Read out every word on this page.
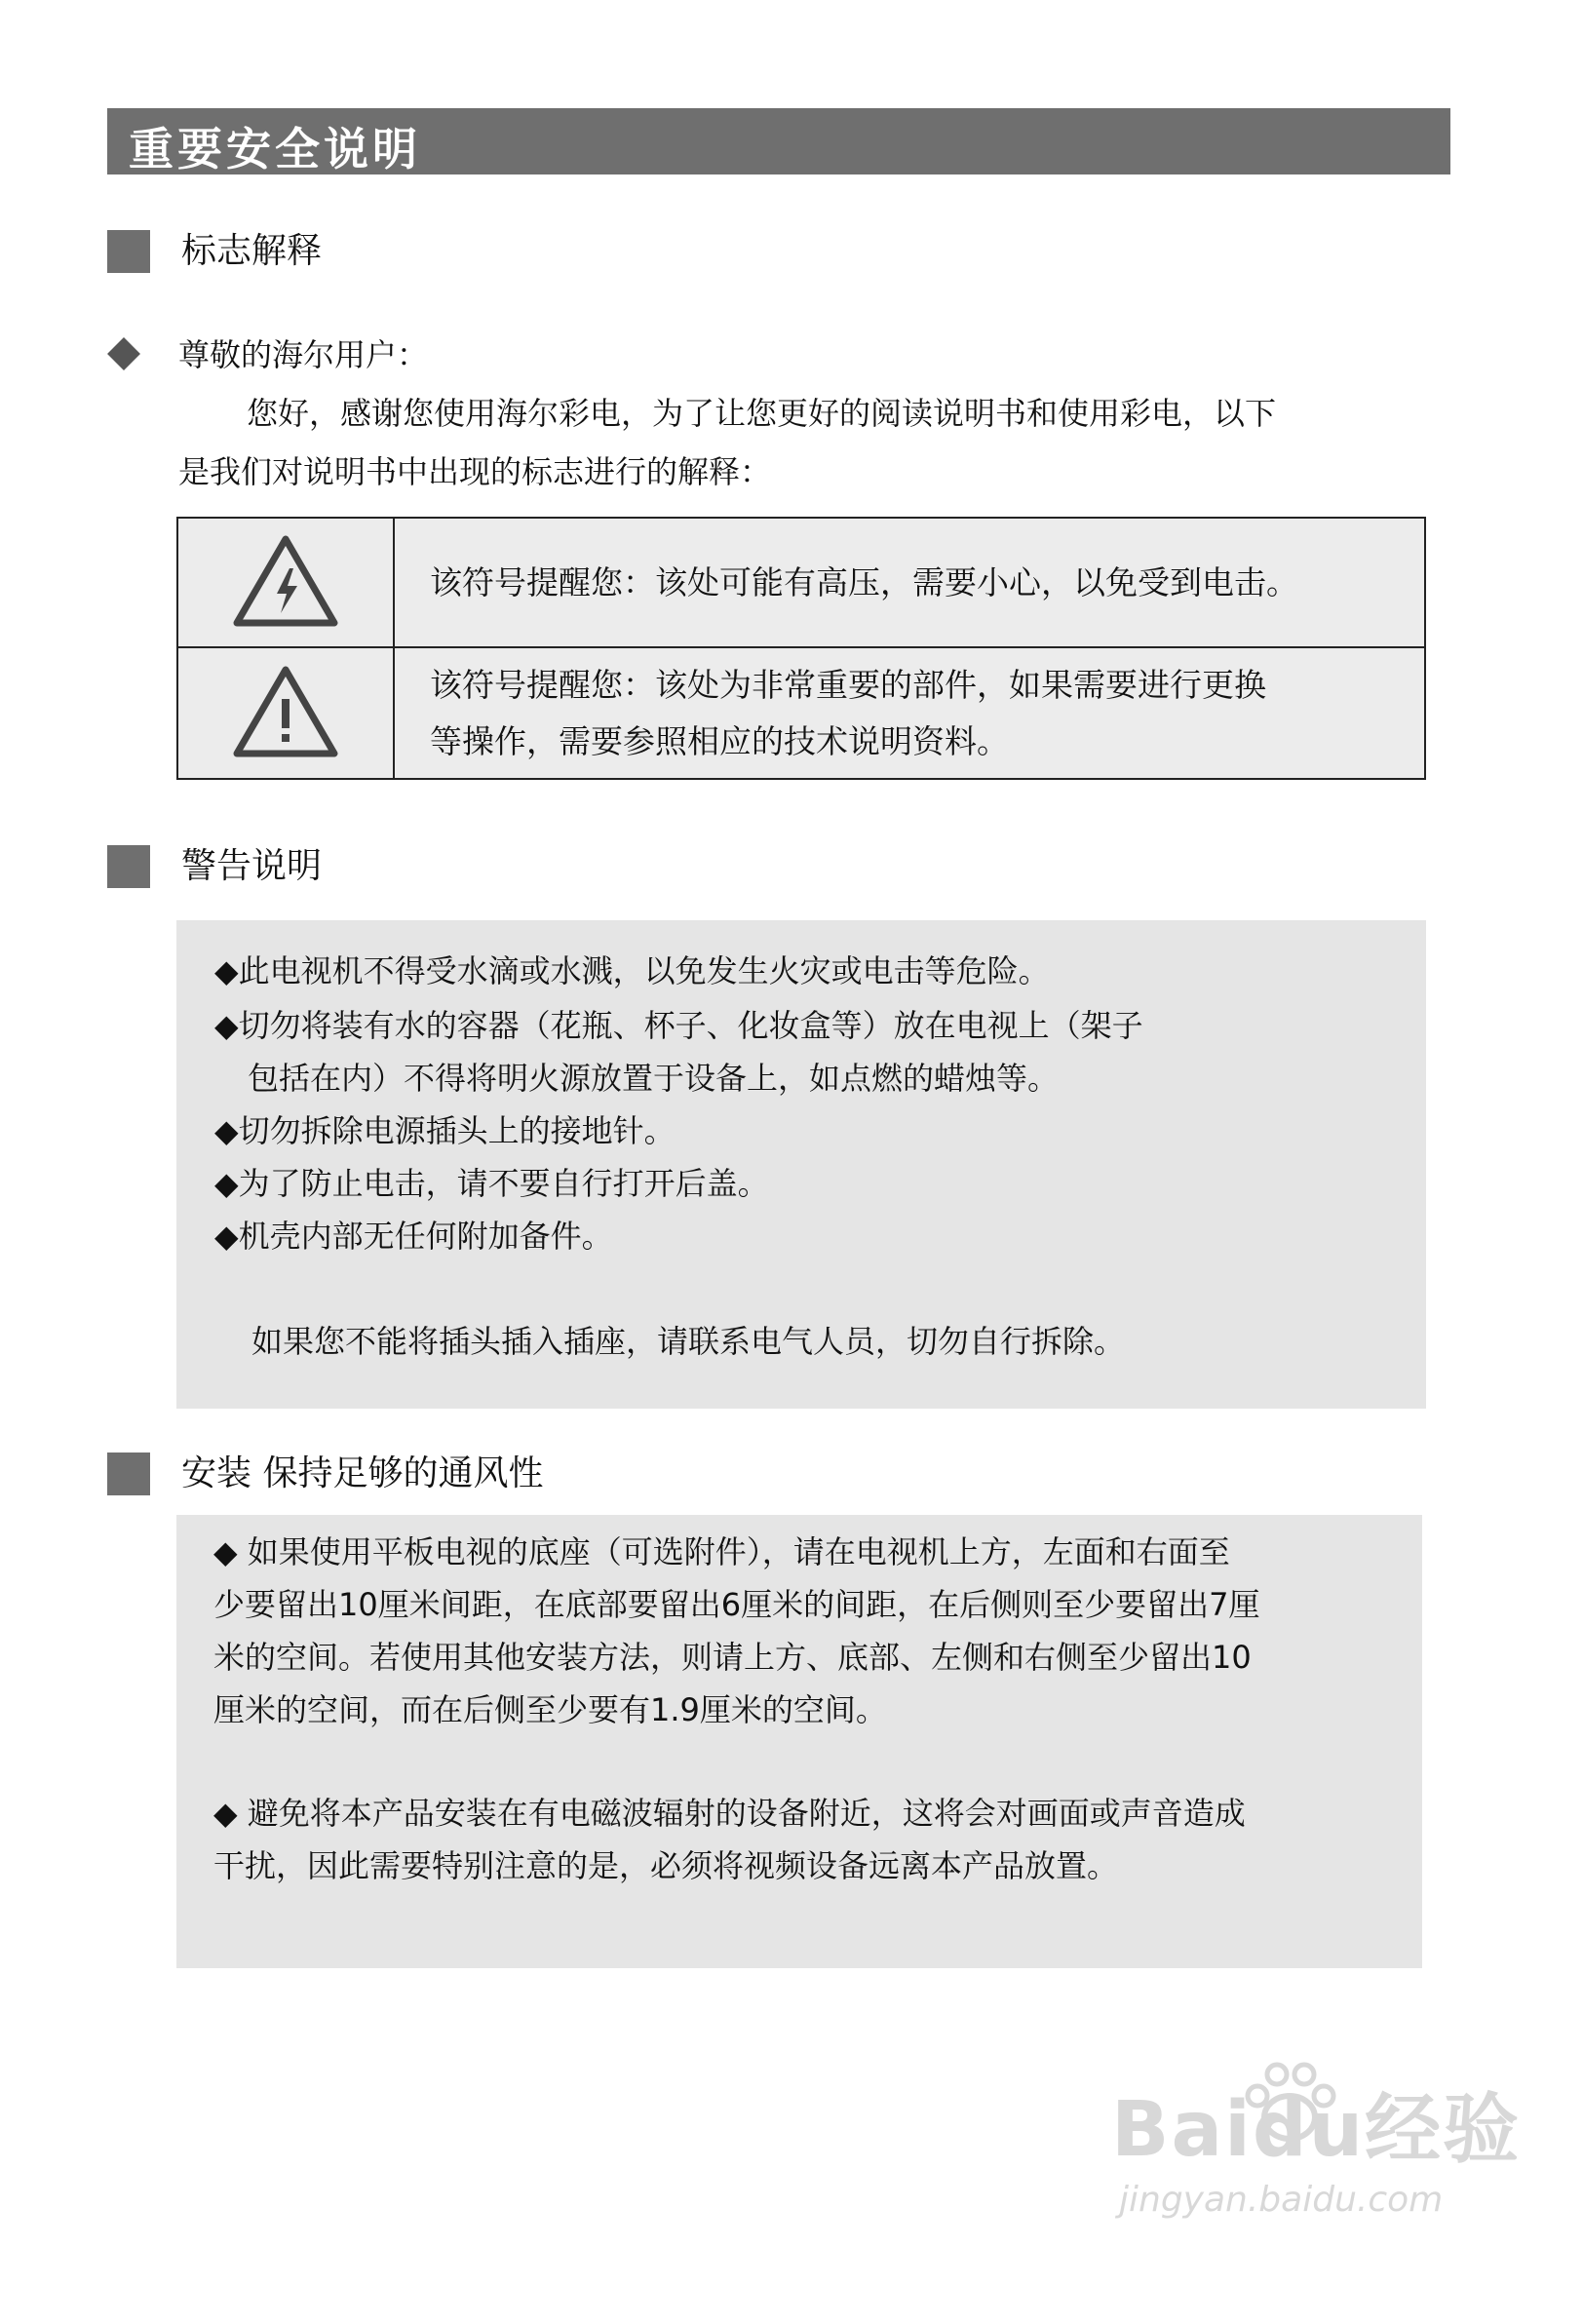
重要安全说明
标志解释
尊敬的海尔用户：
您好，感谢您使用海尔彩电，为了让您更好的阅读说明书和使用彩电，以下
是我们对说明书中出现的标志进行的解释：

该符号提醒您：该处可能有高压，需要小心，以免受到电击。

该符号提醒您：该处为非常重要的部件，如果需要进行更换
等操作，需要参照相应的技术说明资料。
警告说明
◆此电视机不得受水滴或水溅，以免发生火灾或电击等危险。
◆切勿将装有水的容器（花瓶、杯子、化妆盒等）放在电视上（架子
包括在内）不得将明火源放置于设备上，如点燃的蜡烛等。
◆切勿拆除电源插头上的接地针。
◆为了防止电击，请不要自行打开后盖。
◆机壳内部无任何附加备件。
如果您不能将插头插入插座，请联系电气人员，切勿自行拆除。
安装 保持足够的通风性
◆ 如果使用平板电视的底座（可选附件），请在电视机上方，左面和右面至
少要留出10厘米间距，在底部要留出6厘米的间距，在后侧则至少要留出7厘
米的空间。若使用其他安装方法，则请上方、底部、左侧和右侧至少留出10
厘米的空间，而在后侧至少要有1.9厘米的空间。
◆ 避免将本产品安装在有电磁波辐射的设备附近，这将会对画面或声音造成
干扰，因此需要特别注意的是，必须将视频设备远离本产品放置。
Baidu经验
jingyan.baidu.com
